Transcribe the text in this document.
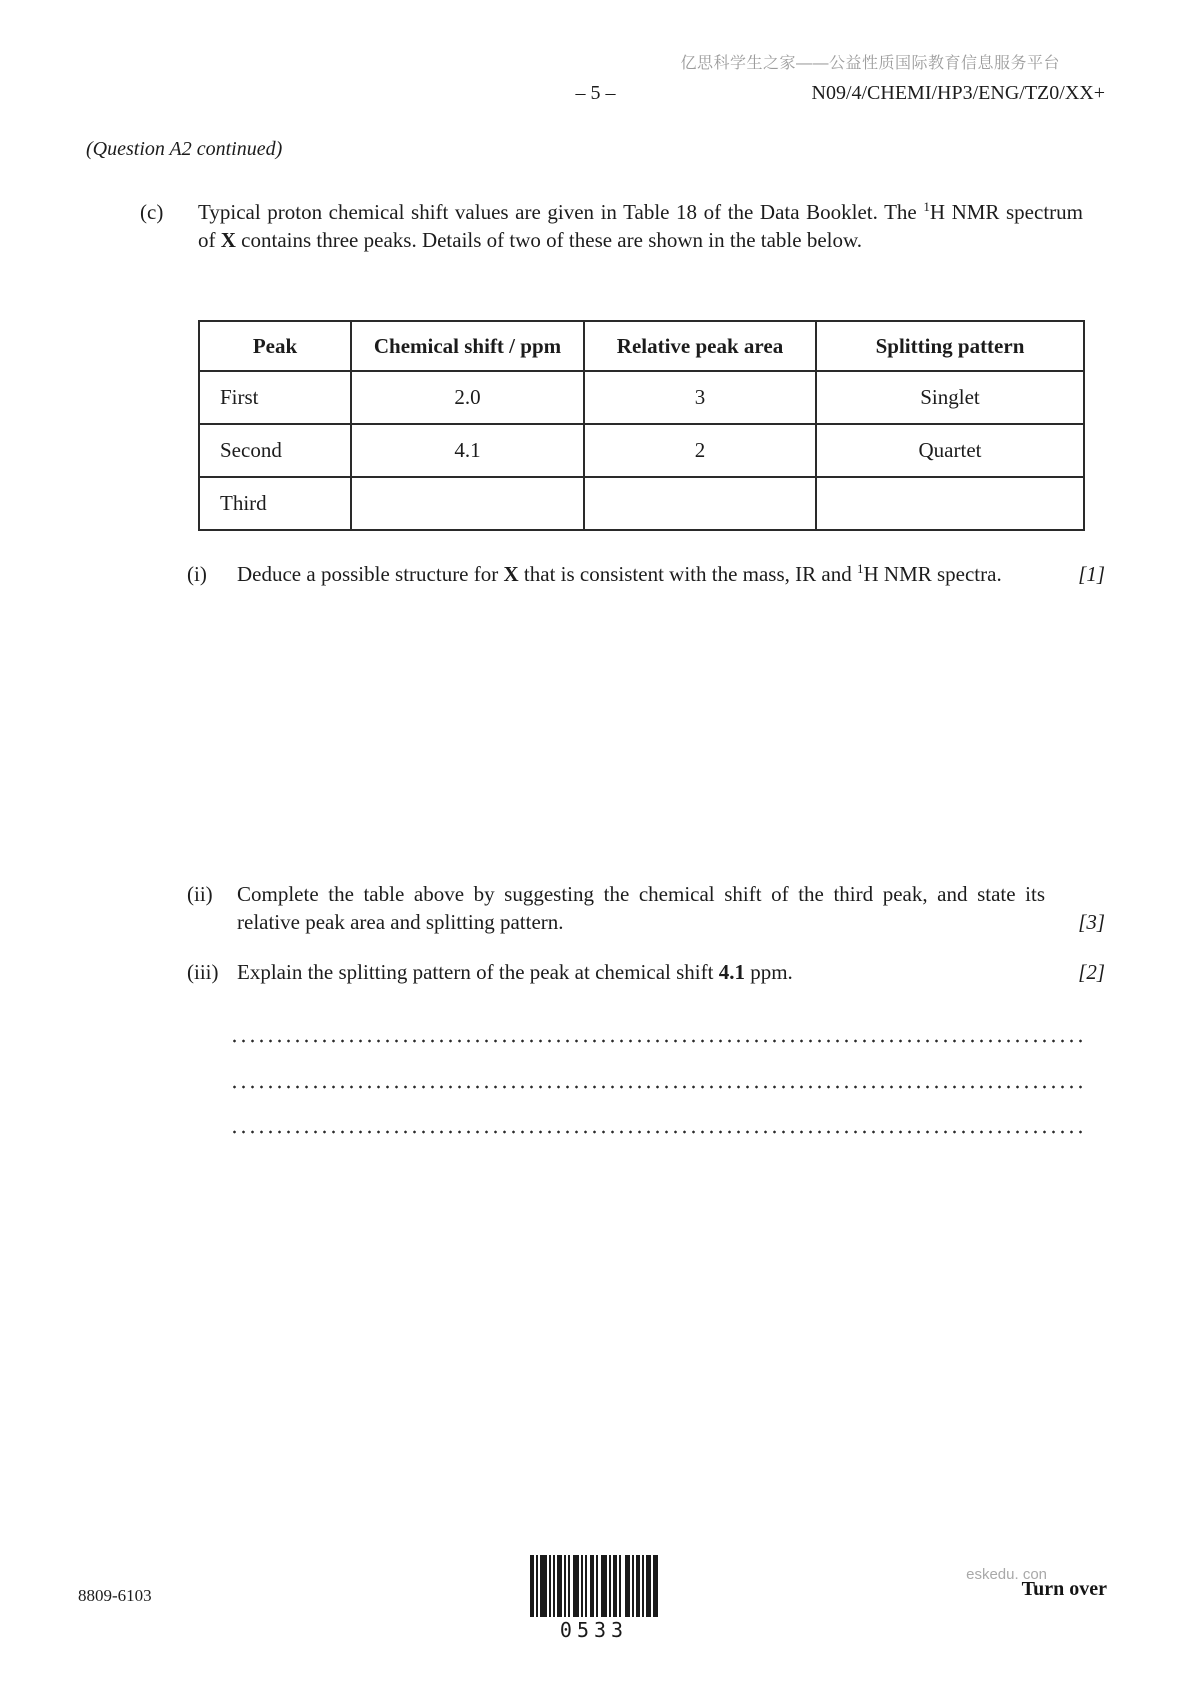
亿思科学生之家——公益性质国际教育信息服务平台
– 5 –	N09/4/CHEMI/HP3/ENG/TZ0/XX+
(Question A2 continued)
(c)	Typical proton chemical shift values are given in Table 18 of the Data Booklet. The $^1$H NMR spectrum of X contains three peaks. Details of two of these are shown in the table below.
Peak	Chemical shift / ppm	Relative peak area	Splitting pattern
First	2.0	3	Singlet
Second	4.1	2	Quartet
Third			
(i)	Deduce a possible structure for X that is consistent with the mass, IR and $^1$H NMR spectra.	[1]
(ii)	Complete the table above by suggesting the chemical shift of the third peak, and state its relative peak area and splitting pattern.	[3]
(iii) Explain the splitting pattern of the peak at chemical shift 4.1 ppm.	[2]
8809-6103
0533
eskedu. con
Turn over
